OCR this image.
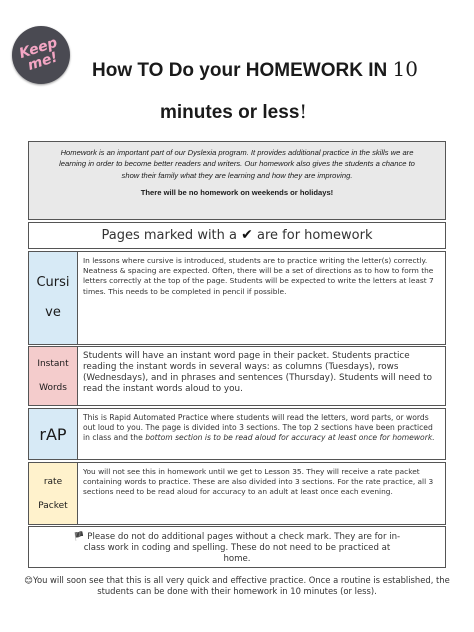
Keep
me! How TO Do your HOMEWORK IN 10
minutes or less!
Homework is an important part of our Dyslexia program. It provides additional practice in the skills we are learning in order to become better readers and writers. Our homework also gives the students a chance to show their family what they are learning and how they are improving.
There will be no homework on weekends or holidays!
Pages marked with a ✔ are for homework
Cursi
ve
In lessons where cursive is introduced, students are to practice writing the letter(s) correctly. Neatness & spacing are expected. Often, there will be a set of directions as to how to form the letters correctly at the top of the page. Students will be expected to write the letters at least 7 times. This needs to be completed in pencil if possible.
Instant
Words
Students will have an instant word page in their packet. Students practice reading the instant words in several ways: as columns (Tuesdays), rows (Wednesdays), and in phrases and sentences (Thursday). Students will need to read the instant words aloud to you.
rAP
This is Rapid Automated Practice where students will read the letters, word parts, or words out loud to you. The page is divided into 3 sections. The top 2 sections have been practiced in class and the bottom section is to be read aloud for accuracy at least once for homework.
rate
Packet
You will not see this in homework until we get to Lesson 35. They will receive a rate packet containing words to practice. These are also divided into 3 sections. For the rate practice, all 3 sections need to be read aloud for accuracy to an adult at least once each evening.
🏴 Please do not do additional pages without a check mark. They are for in-class work in coding and spelling. These do not need to be practiced at home.
😊You will soon see that this is all very quick and effective practice. Once a routine is established, the students can be done with their homework in 10 minutes (or less).
